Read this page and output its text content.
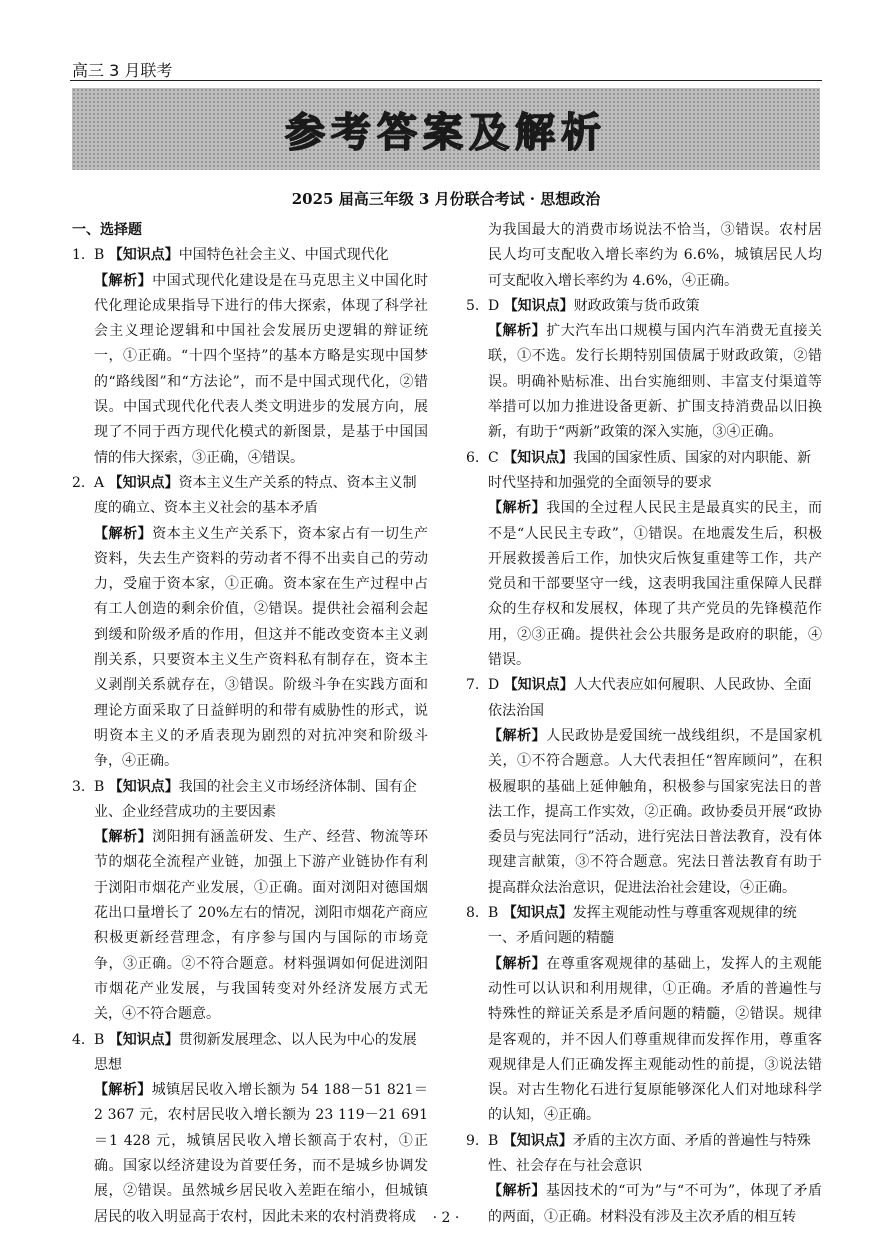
高三 3 月联考
参考答案及解析
2025 届高三年级 3 月份联合考试 · 思想政治
一、选择题
1. B 【知识点】中国特色社会主义、中国式现代化
【解析】中国式现代化建设是在马克思主义中国化时代化理论成果指导下进行的伟大探索，体现了科学社会主义理论逻辑和中国社会发展历史逻辑的辩证统一，①正确。“十四个坚持”的基本方略是实现中国梦的“路线图”和“方法论”，而不是中国式现代化，②错误。中国式现代化代表人类文明进步的发展方向，展现了不同于西方现代化模式的新图景，是基于中国国情的伟大探索，③正确，④错误。
2. A 【知识点】资本主义生产关系的特点、资本主义制度的确立、资本主义社会的基本矛盾
【解析】资本主义生产关系下，资本家占有一切生产资料，失去生产资料的劳动者不得不出卖自己的劳动力，受雇于资本家，①正确。资本家在生产过程中占有工人创造的剩余价值，②错误。提供社会福利会起到缓和阶级矛盾的作用，但这并不能改变资本主义剥削关系，只要资本主义生产资料私有制存在，资本主义剥削关系就存在，③错误。阶级斗争在实践方面和理论方面采取了日益鲜明的和带有威胁性的形式，说明资本主义的矛盾表现为剧烈的对抗冲突和阶级斗争，④正确。
3. B 【知识点】我国的社会主义市场经济体制、国有企业、企业经营成功的主要因素
【解析】浏阳拥有涵盖研发、生产、经营、物流等环节的烟花全流程产业链，加强上下游产业链协作有利于浏阳市烟花产业发展，①正确。面对浏阳对德国烟花出口量增长了 20%左右的情况，浏阳市烟花产商应积极更新经营理念，有序参与国内与国际的市场竞争，③正确。②不符合题意。材料强调如何促进浏阳市烟花产业发展，与我国转变对外经济发展方式无关，④不符合题意。
4. B 【知识点】贯彻新发展理念、以人民为中心的发展思想
【解析】城镇居民收入增长额为 54 188－51 821＝2 367 元，农村居民收入增长额为 23 119－21 691＝1 428 元，城镇居民收入增长额高于农村，①正确。国家以经济建设为首要任务，而不是城乡协调发展，②错误。虽然城乡居民收入差距在缩小，但城镇居民的收入明显高于农村，因此未来的农村消费将成
为我国最大的消费市场说法不恰当，③错误。农村居民人均可支配收入增长率约为 6.6%，城镇居民人均可支配收入增长率约为 4.6%，④正确。
5. D 【知识点】财政政策与货币政策
【解析】扩大汽车出口规模与国内汽车消费无直接关联，①不选。发行长期特别国债属于财政政策，②错误。明确补贴标准、出台实施细则、丰富支付渠道等举措可以加力推进设备更新、扩围支持消费品以旧换新，有助于“两新”政策的深入实施，③④正确。
6. C 【知识点】我国的国家性质、国家的对内职能、新时代坚持和加强党的全面领导的要求
【解析】我国的全过程人民民主是最真实的民主，而不是“人民民主专政”，①错误。在地震发生后，积极开展救援善后工作，加快灾后恢复重建等工作，共产党员和干部要坚守一线，这表明我国注重保障人民群众的生存权和发展权，体现了共产党员的先锋模范作用，②③正确。提供社会公共服务是政府的职能，④错误。
7. D 【知识点】人大代表应如何履职、人民政协、全面依法治国
【解析】人民政协是爱国统一战线组织，不是国家机关，①不符合题意。人大代表担任“智库顾问”，在积极履职的基础上延伸触角，积极参与国家宪法日的普法工作，提高工作实效，②正确。政协委员开展“政协委员与宪法同行”活动，进行宪法日普法教育，没有体现建言献策，③不符合题意。宪法日普法教育有助于提高群众法治意识，促进法治社会建设，④正确。
8. B 【知识点】发挥主观能动性与尊重客观规律的统一、矛盾问题的精髓
【解析】在尊重客观规律的基础上，发挥人的主观能动性可以认识和利用规律，①正确。矛盾的普遍性与特殊性的辩证关系是矛盾问题的精髓，②错误。规律是客观的，并不因人们尊重规律而发挥作用，尊重客观规律是人们正确发挥主观能动性的前提，③说法错误。对古生物化石进行复原能够深化人们对地球科学的认知，④正确。
9. B 【知识点】矛盾的主次方面、矛盾的普遍性与特殊性、社会存在与社会意识
【解析】基因技术的“可为”与“不可为”，体现了矛盾的两面，①正确。材料没有涉及主次矛盾的相互转
· 2 ·
